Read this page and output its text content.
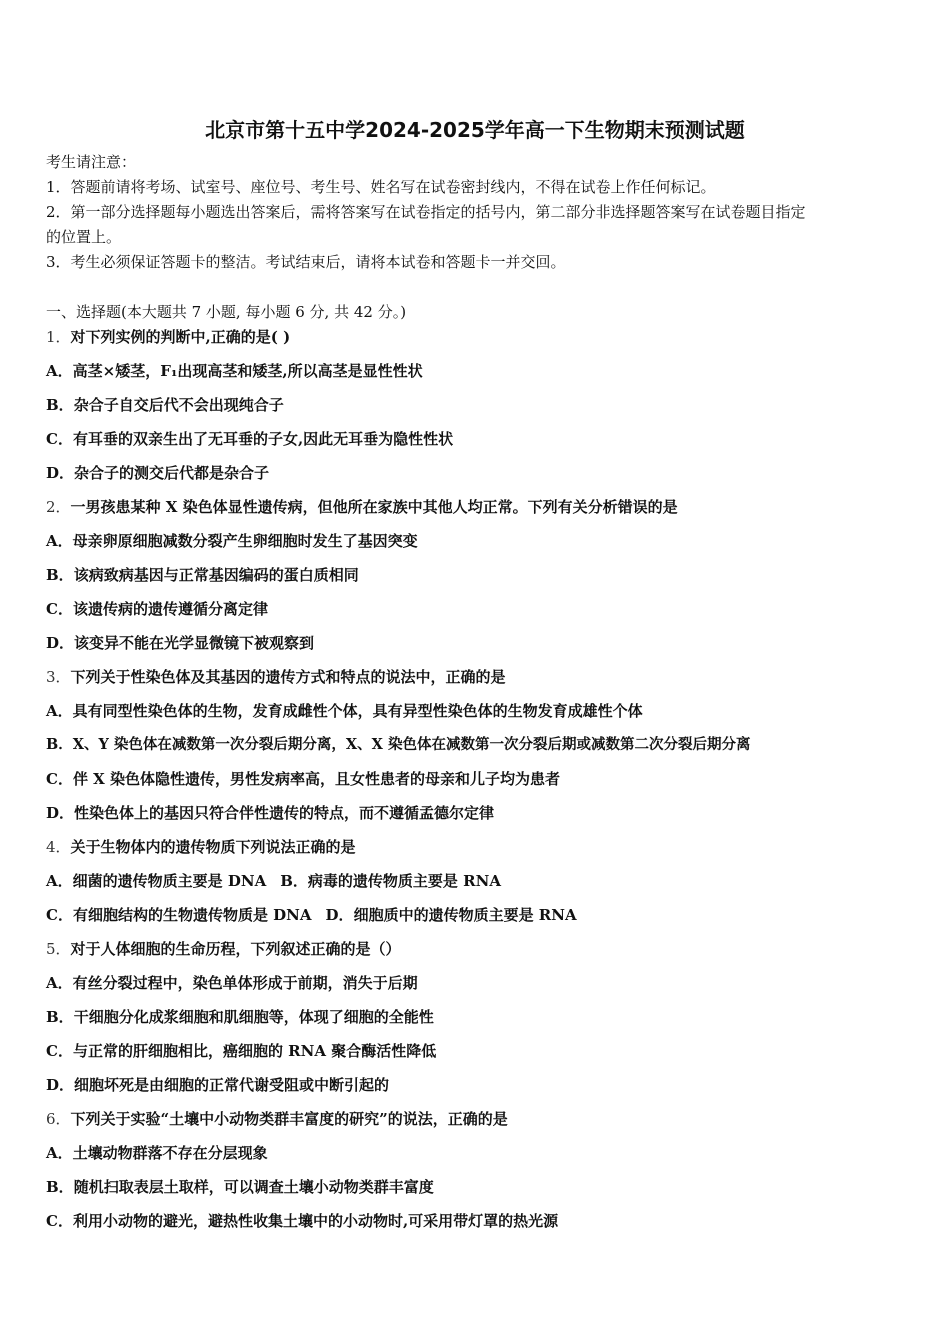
北京市第十五中学2024-2025学年高一下生物期末预测试题
考生请注意：
1．答题前请将考场、试室号、座位号、考生号、姓名写在试卷密封线内，不得在试卷上作任何标记。
2．第一部分选择题每小题选出答案后，需将答案写在试卷指定的括号内，第二部分非选择题答案写在试卷题目指定
的位置上。
3．考生必须保证答题卡的整洁。考试结束后，请将本试卷和答题卡一并交回。
一、选择题(本大题共 7 小题, 每小题 6 分, 共 42 分。)
1．对下列实例的判断中,正确的是( )
A．高茎×矮茎，F₁出现高茎和矮茎,所以高茎是显性性状
B．杂合子自交后代不会出现纯合子
C．有耳垂的双亲生出了无耳垂的子女,因此无耳垂为隐性性状
D．杂合子的测交后代都是杂合子
2．一男孩患某种 X 染色体显性遗传病，但他所在家族中其他人均正常。下列有关分析错误的是
A．母亲卵原细胞减数分裂产生卵细胞时发生了基因突变
B．该病致病基因与正常基因编码的蛋白质相同
C．该遗传病的遗传遵循分离定律
D．该变异不能在光学显微镜下被观察到
3．下列关于性染色体及其基因的遗传方式和特点的说法中，正确的是
A．具有同型性染色体的生物，发育成雌性个体，具有异型性染色体的生物发育成雄性个体
B．X、Y 染色体在减数第一次分裂后期分离，X、X 染色体在减数第一次分裂后期或减数第二次分裂后期分离
C．伴 X 染色体隐性遗传，男性发病率高，且女性患者的母亲和儿子均为患者
D．性染色体上的基因只符合伴性遗传的特点，而不遵循孟德尔定律
4．关于生物体内的遗传物质下列说法正确的是
A．细菌的遗传物质主要是 DNA B．病毒的遗传物质主要是 RNA
C．有细胞结构的生物遗传物质是 DNA D．细胞质中的遗传物质主要是 RNA
5．对于人体细胞的生命历程，下列叙述正确的是（）
A．有丝分裂过程中，染色单体形成于前期，消失于后期
B．干细胞分化成浆细胞和肌细胞等，体现了细胞的全能性
C．与正常的肝细胞相比，癌细胞的 RNA 聚合酶活性降低
D．细胞坏死是由细胞的正常代谢受阻或中断引起的
6．下列关于实验“土壤中小动物类群丰富度的研究”的说法，正确的是
A．土壤动物群落不存在分层现象
B．随机扫取表层土取样，可以调查土壤小动物类群丰富度
C．利用小动物的避光，避热性收集土壤中的小动物时,可采用带灯罩的热光源
